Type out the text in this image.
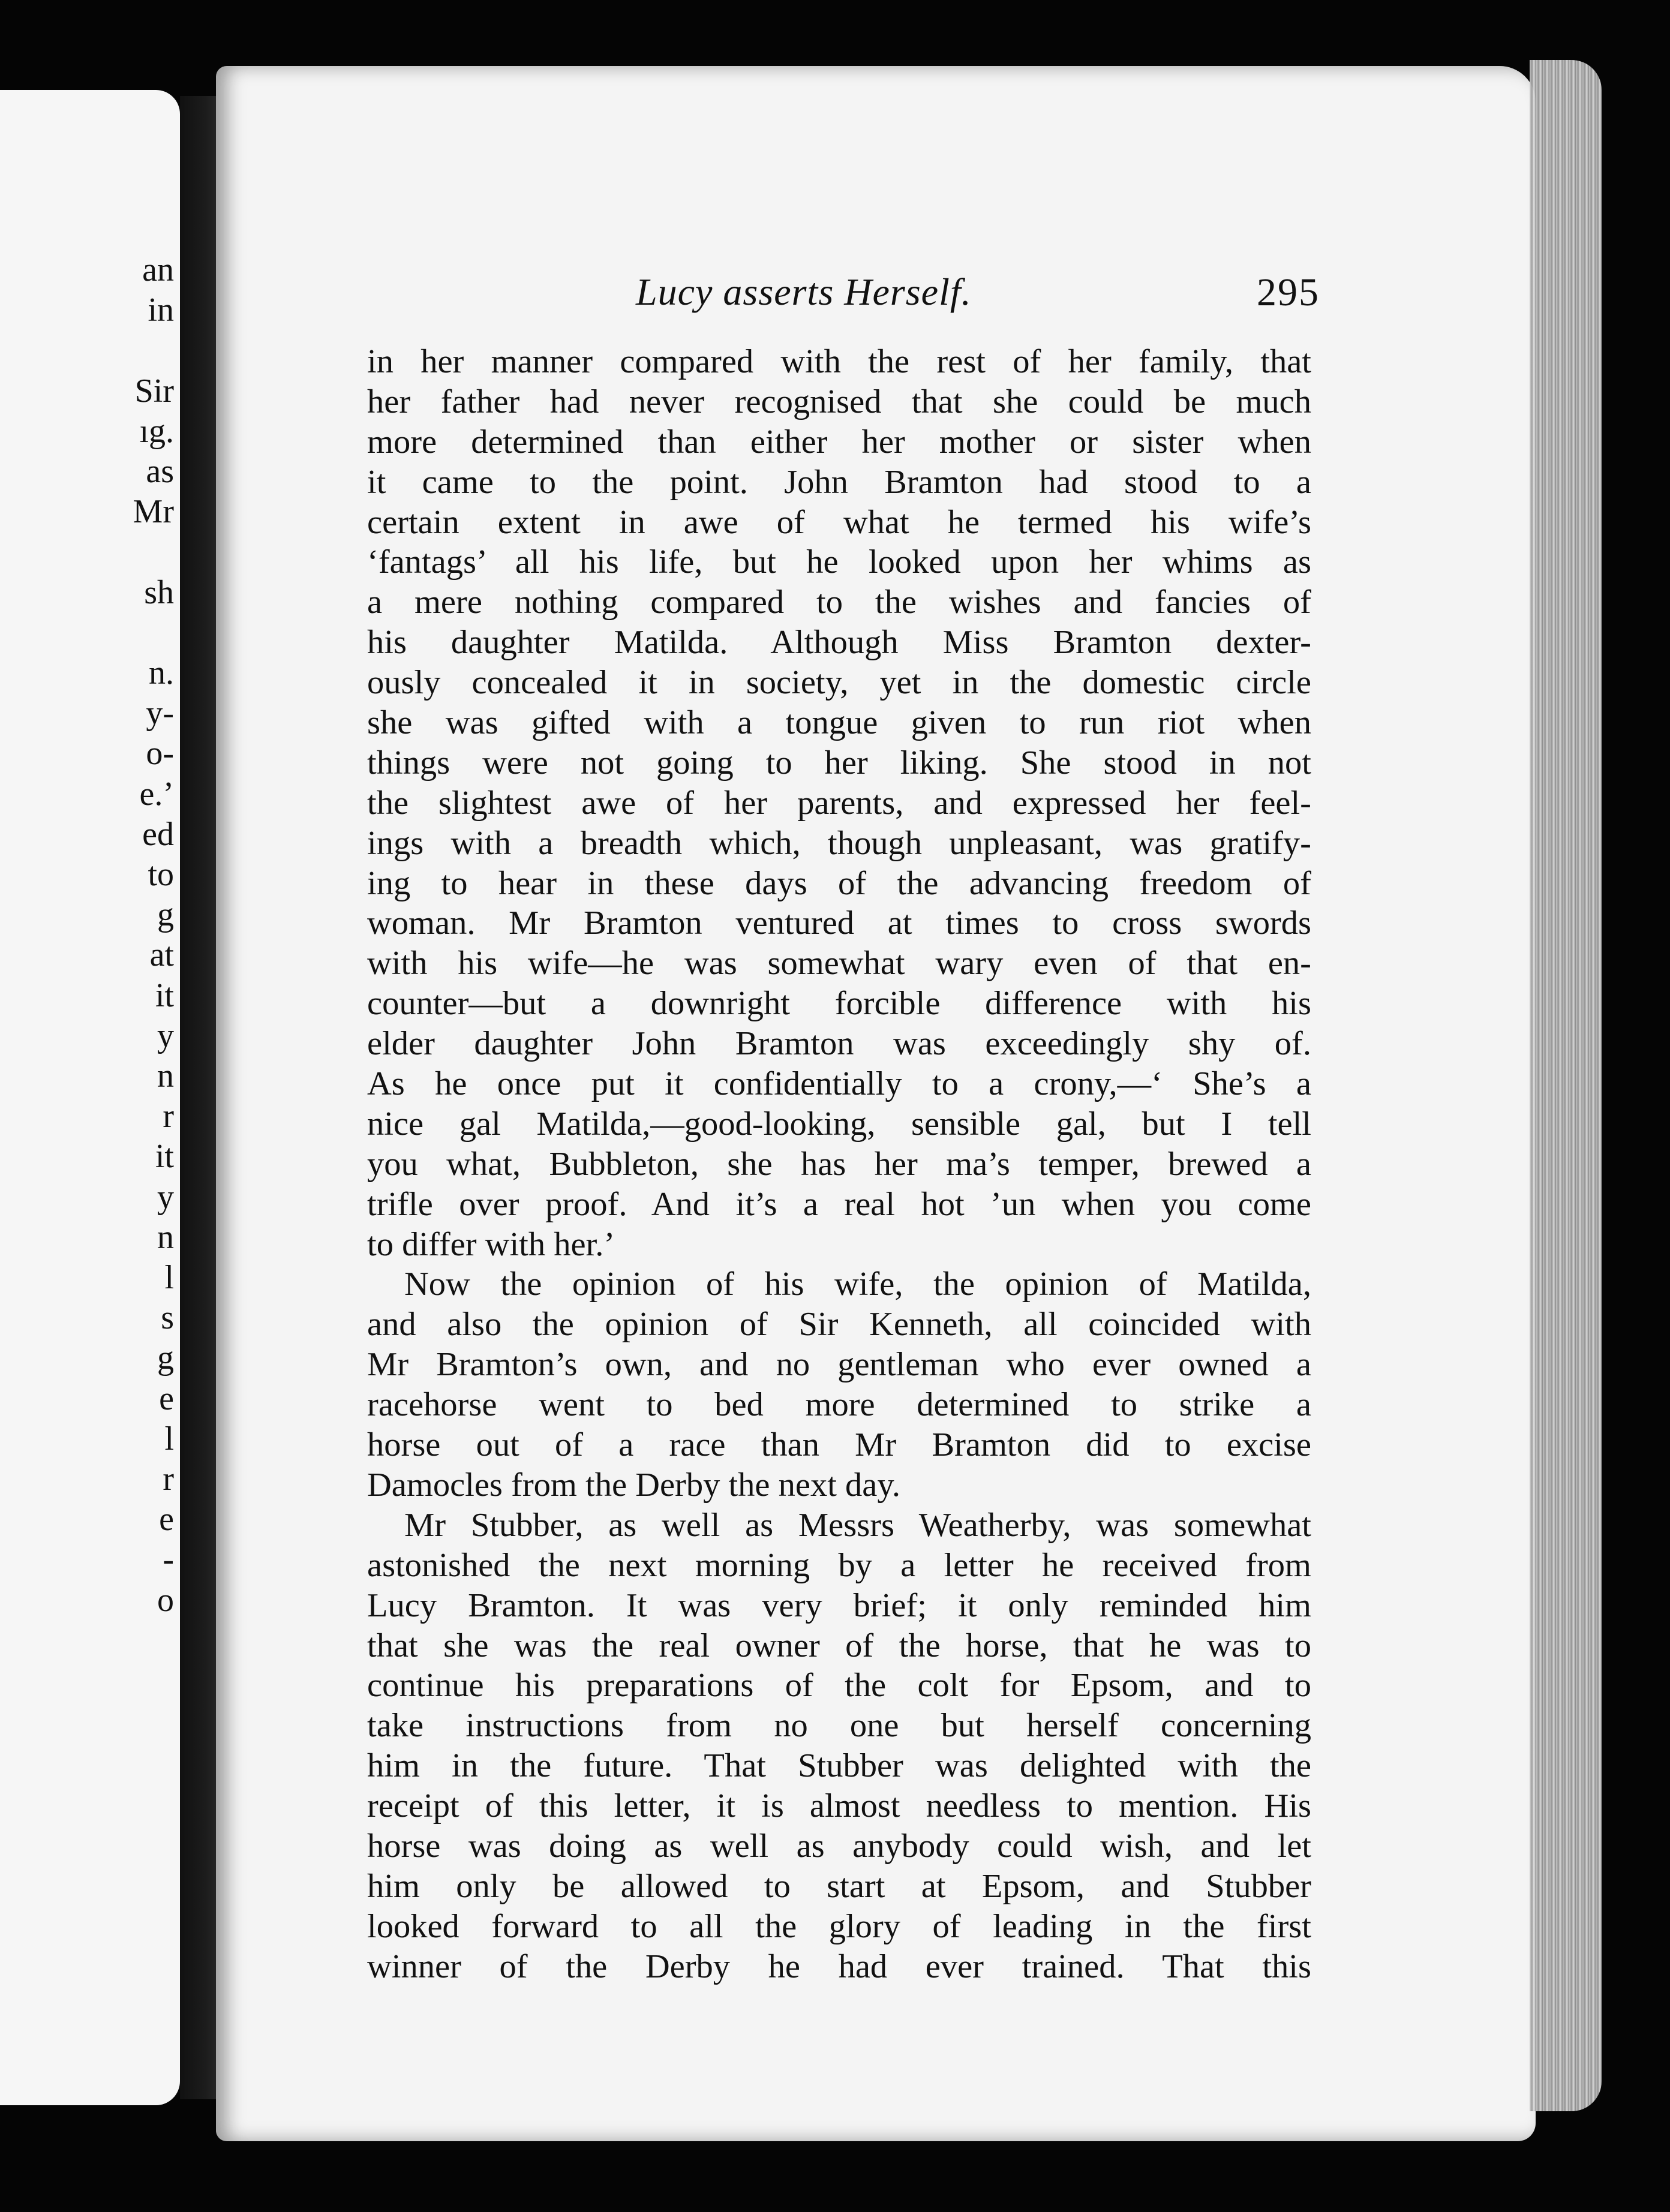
an
in
Sir
ıg.
as
Mr
sh
n.
y-
o-
e.’
ed
to
g
at
it
y
n
r
it
y
n
l
s
g
e
l
r
e
-
o
Lucy asserts Herself.	295
in her manner compared with the rest of her family, that
her father had never recognised that she could be much
more determined than either her mother or sister when
it came to the point. John Bramton had stood to a
certain extent in awe of what he termed his wife’s
‘fantags’ all his life, but he looked upon her whims as
a mere nothing compared to the wishes and fancies of
his daughter Matilda. Although Miss Bramton dexter-
ously concealed it in society, yet in the domestic circle
she was gifted with a tongue given to run riot when
things were not going to her liking. She stood in not
the slightest awe of her parents, and expressed her feel-
ings with a breadth which, though unpleasant, was gratify-
ing to hear in these days of the advancing freedom of
woman. Mr Bramton ventured at times to cross swords
with his wife—he was somewhat wary even of that en-
counter—but a downright forcible difference with his
elder daughter John Bramton was exceedingly shy of.
As he once put it confidentially to a crony,—‘ She’s a
nice gal Matilda,—good-looking, sensible gal, but I tell
you what, Bubbleton, she has her ma’s temper, brewed a
trifle over proof. And it’s a real hot ’un when you come
to differ with her.’
Now the opinion of his wife, the opinion of Matilda,
and also the opinion of Sir Kenneth, all coincided with
Mr Bramton’s own, and no gentleman who ever owned a
racehorse went to bed more determined to strike a
horse out of a race than Mr Bramton did to excise
Damocles from the Derby the next day.
Mr Stubber, as well as Messrs Weatherby, was somewhat
astonished the next morning by a letter he received from
Lucy Bramton. It was very brief; it only reminded him
that she was the real owner of the horse, that he was to
continue his preparations of the colt for Epsom, and to
take instructions from no one but herself concerning
him in the future. That Stubber was delighted with the
receipt of this letter, it is almost needless to mention. His
horse was doing as well as anybody could wish, and let
him only be allowed to start at Epsom, and Stubber
looked forward to all the glory of leading in the first
winner of the Derby he had ever trained. That this
